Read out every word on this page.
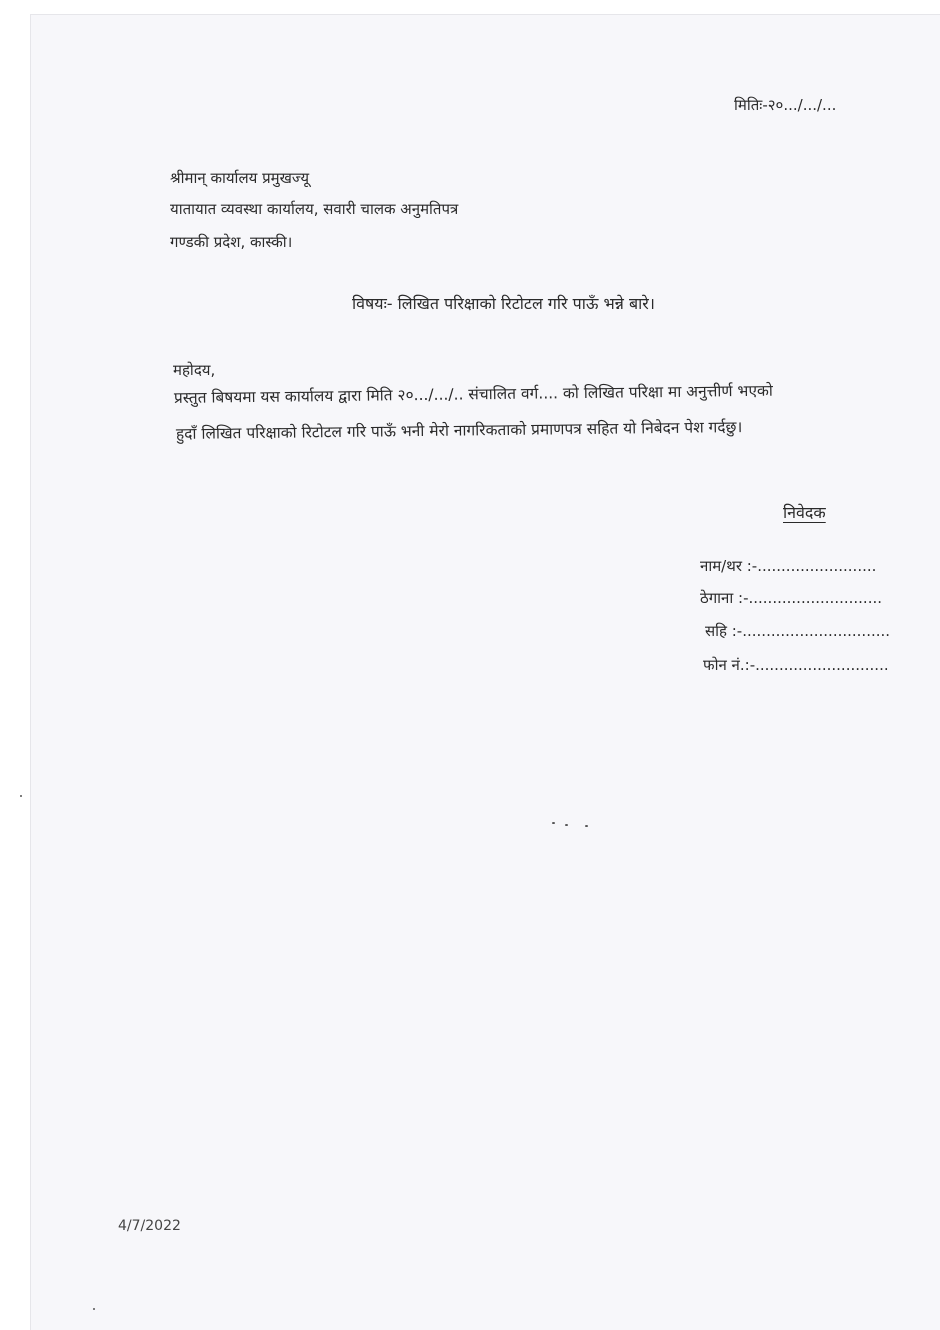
मितिः-२०.../.../...
श्रीमान् कार्यालय प्रमुखज्यू
यातायात व्यवस्था कार्यालय, सवारी चालक अनुमतिपत्र
गण्डकी प्रदेश, कास्की।
विषयः- लिखित परिक्षाको रिटोटल गरि पाऊँ भन्ने बारे।
महोदय,
प्रस्तुत बिषयमा यस कार्यालय द्वारा मिति २०.../.../.. संचालित वर्ग.... को लिखित परिक्षा मा अनुत्तीर्ण भएको
हुदाँ लिखित परिक्षाको रिटोटल गरि पाऊँ भनी मेरो नागरिकताको प्रमाणपत्र सहित यो निबेदन पेश गर्दछु।
निवेदक
नाम/थर :-.........................
ठेगाना :-............................
सहि :-...............................
फोन नं.:-............................
4/7/2022
